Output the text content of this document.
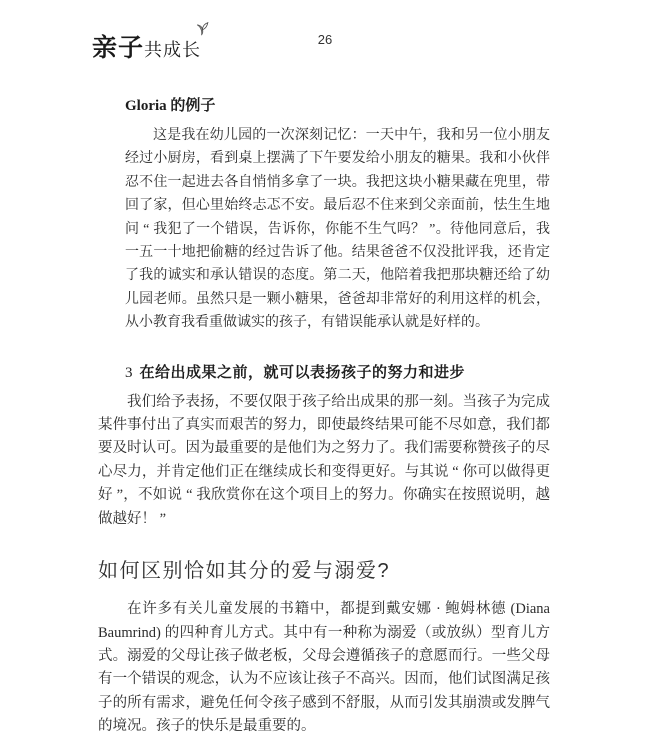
亲子共成长
26

Gloria 的例子

这是我在幼儿园的一次深刻记忆：一天中午，我和另一位小朋友经过小厨房，看到桌上摆满了下午要发给小朋友的糖果。我和小伙伴忍不住一起进去各自悄悄多拿了一块。我把这块小糖果藏在兜里，带回了家，但心里始终忐忑不安。最后忍不住来到父亲面前，怯生生地问 “ 我犯了一个错误，告诉你，你能不生气吗？ ”。待他同意后，我一五一十地把偷糖的经过告诉了他。结果爸爸不仅没批评我，还肯定了我的诚实和承认错误的态度。第二天，他陪着我把那块糖还给了幼儿园老师。虽然只是一颗小糖果，爸爸却非常好的利用这样的机会，从小教育我看重做诚实的孩子，有错误能承认就是好样的。

3 在给出成果之前，就可以表扬孩子的努力和进步

我们给予表扬，不要仅限于孩子给出成果的那一刻。当孩子为完成某件事付出了真实而艰苦的努力，即使最终结果可能不尽如意，我们都要及时认可。因为最重要的是他们为之努力了。我们需要称赞孩子的尽心尽力，并肯定他们正在继续成长和变得更好。与其说 “ 你可以做得更好 ”，不如说 “ 我欣赏你在这个项目上的努力。你确实在按照说明，越做越好！ ”

如何区别恰如其分的爱与溺爱?

在许多有关儿童发展的书籍中，都提到戴安娜 · 鲍姆林德 (Diana Baumrind) 的四种育儿方式。其中有一种称为溺爱（或放纵）型育儿方式。溺爱的父母让孩子做老板，父母会遵循孩子的意愿而行。一些父母有一个错误的观念，认为不应该让孩子不高兴。因而，他们试图满足孩子的所有需求，避免任何令孩子感到不舒服，从而引发其崩溃或发脾气的境况。孩子的快乐是最重要的。
